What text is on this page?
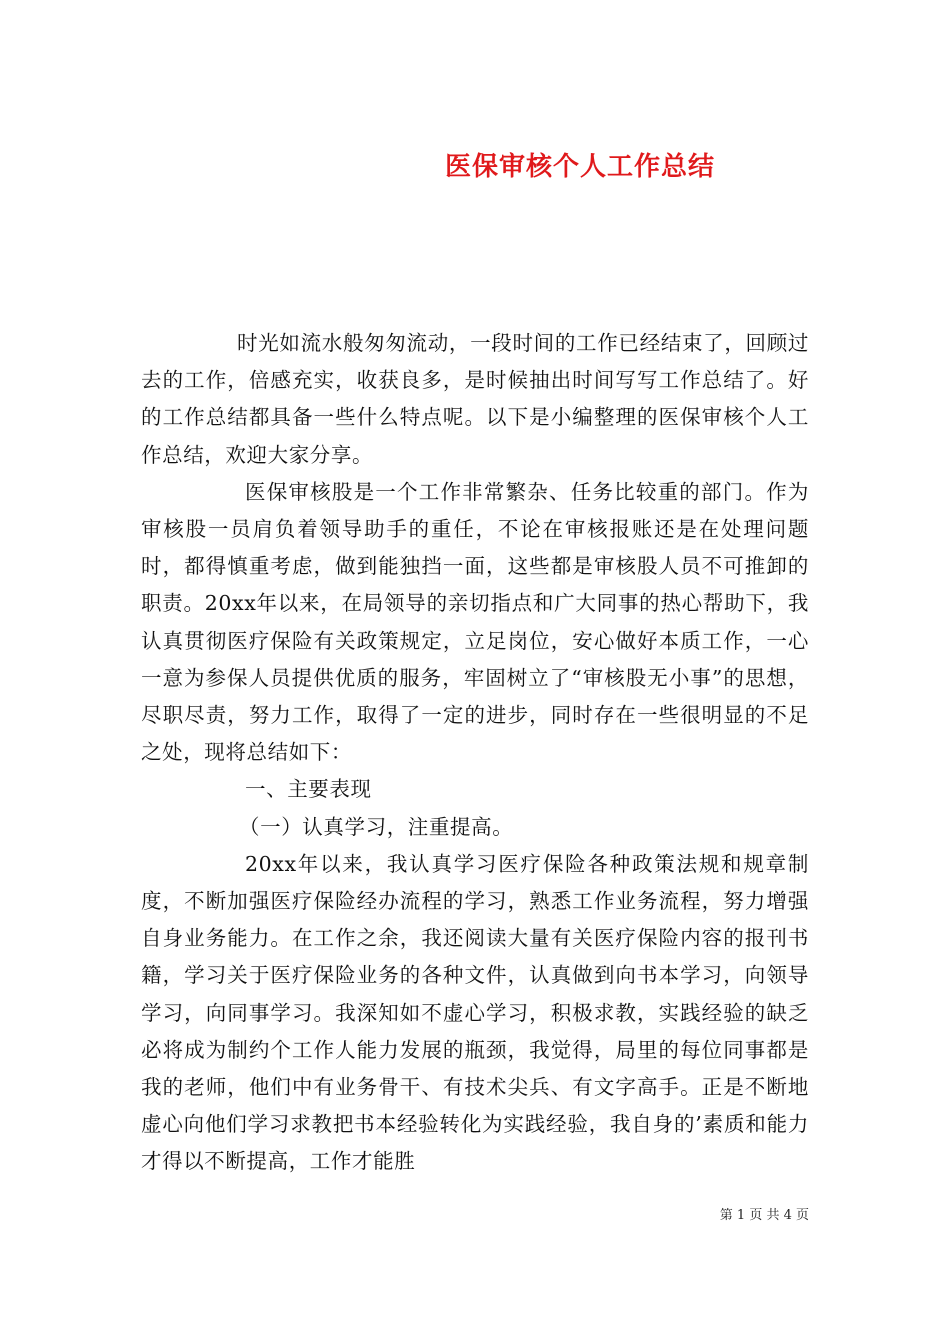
医保审核个人工作总结

时光如流水般匆匆流动，一段时间的工作已经结束了，回顾过去的工作，倍感充实，收获良多，是时候抽出时间写写工作总结了。好的工作总结都具备一些什么特点呢。以下是小编整理的医保审核个人工作总结，欢迎大家分享。

医保审核股是一个工作非常繁杂、任务比较重的部门。作为审核股一员肩负着领导助手的重任，不论在审核报账还是在处理问题时，都得慎重考虑，做到能独挡一面，这些都是审核股人员不可推卸的职责。20xx年以来，在局领导的亲切指点和广大同事的热心帮助下，我认真贯彻医疗保险有关政策规定，立足岗位，安心做好本质工作，一心一意为参保人员提供优质的服务，牢固树立了“审核股无小事”的思想，尽职尽责，努力工作，取得了一定的进步，同时存在一些很明显的不足之处，现将总结如下：

一、主要表现

（一）认真学习，注重提高。

20xx年以来，我认真学习医疗保险各种政策法规和规章制度，不断加强医疗保险经办流程的学习，熟悉工作业务流程，努力增强自身业务能力。在工作之余，我还阅读大量有关医疗保险内容的报刊书籍，学习关于医疗保险业务的各种文件，认真做到向书本学习，向领导学习，向同事学习。我深知如不虚心学习，积极求教，实践经验的缺乏必将成为制约个工作人能力发展的瓶颈，我觉得，局里的每位同事都是我的老师，他们中有业务骨干、有技术尖兵、有文字高手。正是不断地虚心向他们学习求教把书本经验转化为实践经验，我自身的’素质和能力才得以不断提高，工作才能胜

第 1 页 共 4 页
